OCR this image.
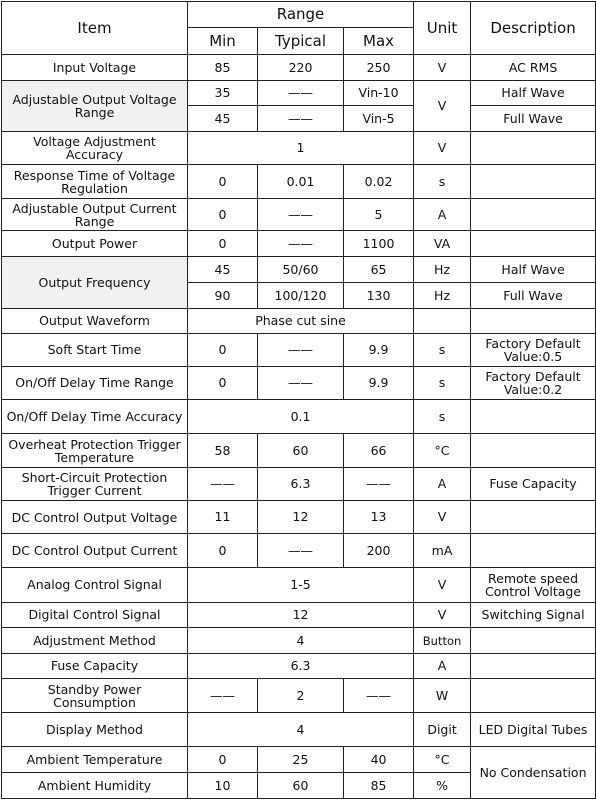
Item	Range			Unit	Description
	Min	Typical	Max		
Input Voltage	85	220	250	V	AC RMS
Adjustable Output Voltage Range	35	——	Vin-10	V	Half Wave
	45	——	Vin-5		Full Wave
Voltage Adjustment Accuracy	1			V	
Response Time of Voltage Regulation	0	0.01	0.02	s	
Adjustable Output Current Range	0	——	5	A	
Output Power	0	——	1100	VA	
Output Frequency	45	50/60	65	Hz	Half Wave
	90	100/120	130	Hz	Full Wave
Output Waveform	Phase cut sine				
Soft Start Time	0	——	9.9	s	Factory Default Value:0.5
On/Off Delay Time Range	0	——	9.9	s	Factory Default Value:0.2
On/Off Delay Time Accuracy	0.1			s	
Overheat Protection Trigger Temperature	58	60	66	°C	
Short-Circuit Protection Trigger Current	——	6.3	——	A	Fuse Capacity
DC Control Output Voltage	11	12	13	V	
DC Control Output Current	0	——	200	mA	
Analog Control Signal	1-5			V	Remote speed Control Voltage
Digital Control Signal	12			V	Switching Signal
Adjustment Method	4			Button	
Fuse Capacity	6.3			A	
Standby Power Consumption	——	2	——	W	
Display Method	4			Digit	LED Digital Tubes
Ambient Temperature	0	25	40	°C	No Condensation
Ambient Humidity	10	60	85	%	
